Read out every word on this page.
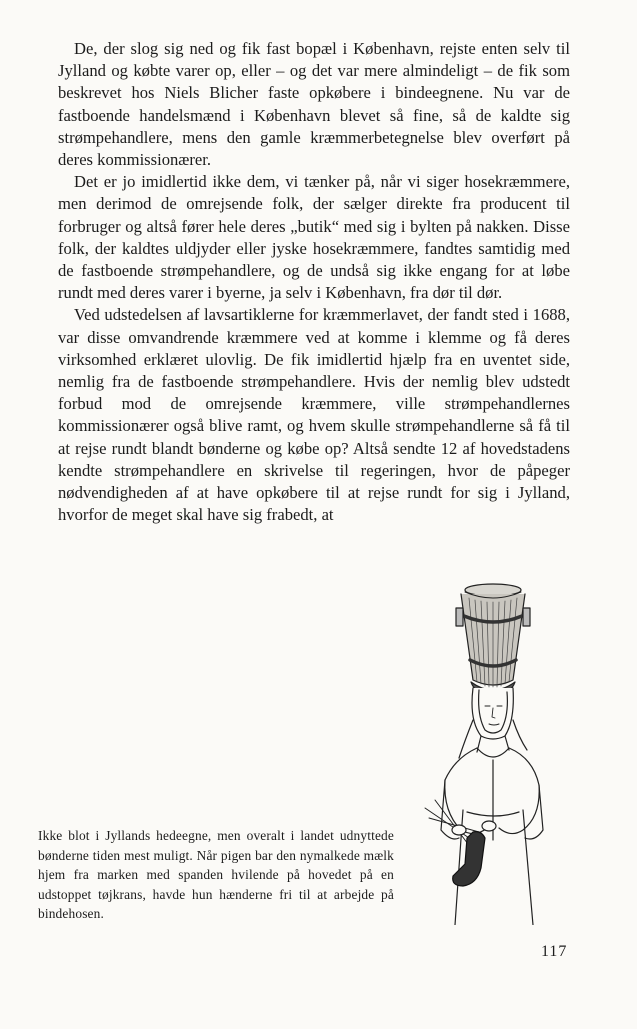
De, der slog sig ned og fik fast bopæl i København, rejste enten selv til Jylland og købte varer op, eller – og det var mere almindeligt – de fik som beskrevet hos Niels Blicher faste opkøbere i bindeegnene. Nu var de fastboende handelsmænd i København blevet så fine, så de kaldte sig strømpehandlere, mens den gamle kræmmerbetegnelse blev overført på deres kommissionærer.

Det er jo imidlertid ikke dem, vi tænker på, når vi siger hosekræmmere, men derimod de omrejsende folk, der sælger direkte fra producent til forbruger og altså fører hele deres „butik“ med sig i bylten på nakken. Disse folk, der kaldtes uldjyder eller jyske hosekræmmere, fandtes samtidig med de fastboende strømpehandlere, og de undså sig ikke engang for at løbe rundt med deres varer i byerne, ja selv i København, fra dør til dør.

Ved udstedelsen af lavsartiklerne for kræmmerlavet, der fandt sted i 1688, var disse omvandrende kræmmere ved at komme i klemme og få deres virksomhed erklæret ulovlig. De fik imidlertid hjælp fra en uventet side, nemlig fra de fastboende strømpehandlere. Hvis der nemlig blev udstedt forbud mod de omrejsende kræmmere, ville strømpehandlernes kommissionærer også blive ramt, og hvem skulle strømpehandlerne så få til at rejse rundt blandt bønderne og købe op? Altså sendte 12 af hovedstadens kendte strømpehandlere en skrivelse til regeringen, hvor de påpeger nødvendigheden af at have opkøbere til at rejse rundt for sig i Jylland, hvorfor de meget skal have sig frabedt, at

Ikke blot i Jyllands hedeegne, men overalt i landet udnyttede bønderne tiden mest muligt. Når pigen bar den nymalkede mælk hjem fra marken med spanden hvilende på hovedet på en udstoppet tøjkrans, havde hun hænderne fri til at arbejde på bindehosen.
117
